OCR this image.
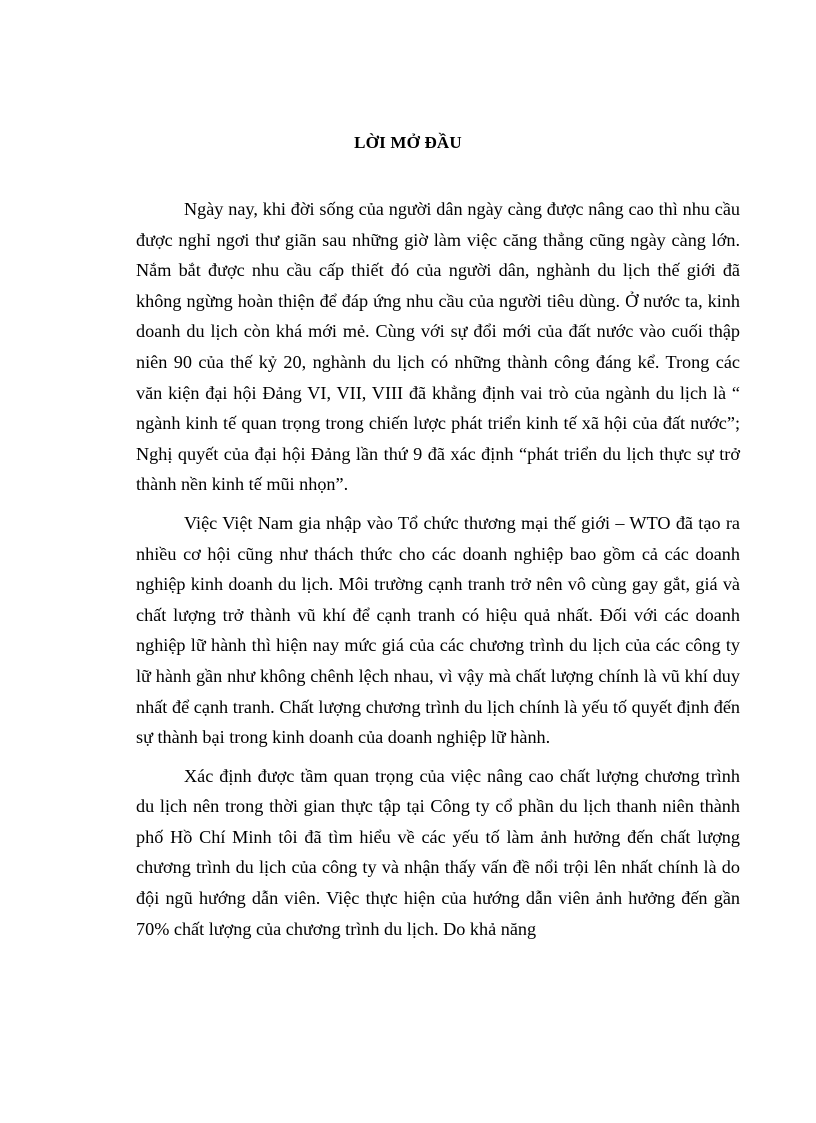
LỜI MỞ ĐẦU

Ngày nay, khi đời sống của người dân ngày càng được nâng cao thì nhu cầu được nghỉ ngơi thư giãn sau những giờ làm việc căng thẳng cũng ngày càng lớn. Nắm bắt được nhu cầu cấp thiết đó của người dân, nghành du lịch thế giới đã không ngừng hoàn thiện để đáp ứng nhu cầu của người tiêu dùng. Ở nước ta, kinh doanh du lịch còn khá mới mẻ. Cùng với sự đổi mới của đất nước vào cuối thập niên 90 của thế kỷ 20, nghành du lịch có những thành công đáng kể. Trong các văn kiện đại hội Đảng VI, VII, VIII đã khẳng định vai trò của ngành du lịch là “ ngành kinh tế quan trọng trong chiến lược phát triển kinh tế xã hội của đất nước”; Nghị quyết của đại hội Đảng lần thứ 9 đã xác định “phát triển du lịch thực sự trở thành nền kinh tế mũi nhọn”.

Việc Việt Nam gia nhập vào Tổ chức thương mại thế giới – WTO đã tạo ra nhiều cơ hội cũng như thách thức cho các doanh nghiệp bao gồm cả các doanh nghiệp kinh doanh du lịch. Môi trường cạnh tranh trở nên vô cùng gay gắt, giá và chất lượng trở thành vũ khí để cạnh tranh có hiệu quả nhất. Đối với các doanh nghiệp lữ hành thì hiện nay mức giá của các chương trình du lịch của các công ty lữ hành gần như không chênh lệch nhau, vì vậy mà chất lượng chính là vũ khí duy nhất để cạnh tranh. Chất lượng chương trình du lịch chính là yếu tố quyết định đến sự thành bại trong kinh doanh của doanh nghiệp lữ hành.

Xác định được tầm quan trọng của việc nâng cao chất lượng chương trình du lịch nên trong thời gian thực tập tại Công ty cổ phần du lịch thanh niên thành phố Hồ Chí Minh tôi đã tìm hiểu về các yếu tố làm ảnh hưởng đến chất lượng chương trình du lịch của công ty và nhận thấy vấn đề nổi trội lên nhất chính là do đội ngũ hướng dẫn viên. Việc thực hiện của hướng dẫn viên ảnh hưởng đến gần 70% chất lượng của chương trình du lịch. Do khả năng
